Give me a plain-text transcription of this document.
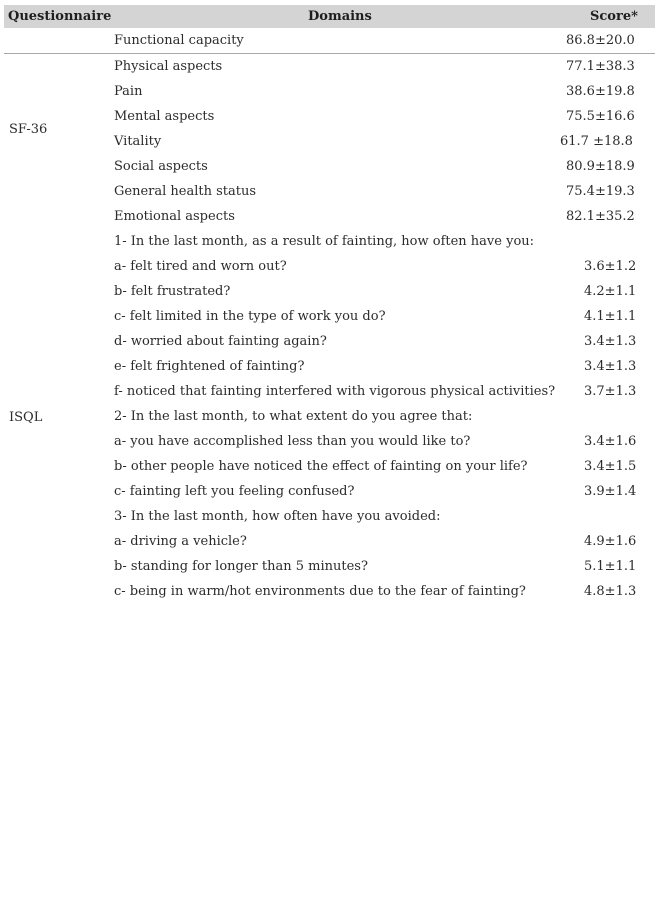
Questionnaire	Domains	Score*
Functional capacity	86.8±20.0
SF-36
Physical aspects	77.1±38.3
Pain	38.6±19.8
Mental aspects	75.5±16.6
Vitality	61.7 ±18.8
Social aspects	80.9±18.9
General health status	75.4±19.3
Emotional aspects	82.1±35.2
ISQL
1- In the last month, as a result of fainting, how often have you:
a- felt tired and worn out?	3.6±1.2
b- felt frustrated?	4.2±1.1
c- felt limited in the type of work you do?	4.1±1.1
d- worried about fainting again?	3.4±1.3
e- felt frightened of fainting?	3.4±1.3
f- noticed that fainting interfered with vigorous physical activities? 3.7±1.3
2- In the last month, to what extent do you agree that:
a- you have accomplished less than you would like to?	3.4±1.6
b- other people have noticed the effect of fainting on your life?	3.4±1.5
c- fainting left you feeling confused?	3.9±1.4
3- In the last month, how often have you avoided:
a- driving a vehicle?	4.9±1.6
b- standing for longer than 5 minutes?	5.1±1.1
c- being in warm/hot environments due to the fear of fainting?	4.8±1.3
